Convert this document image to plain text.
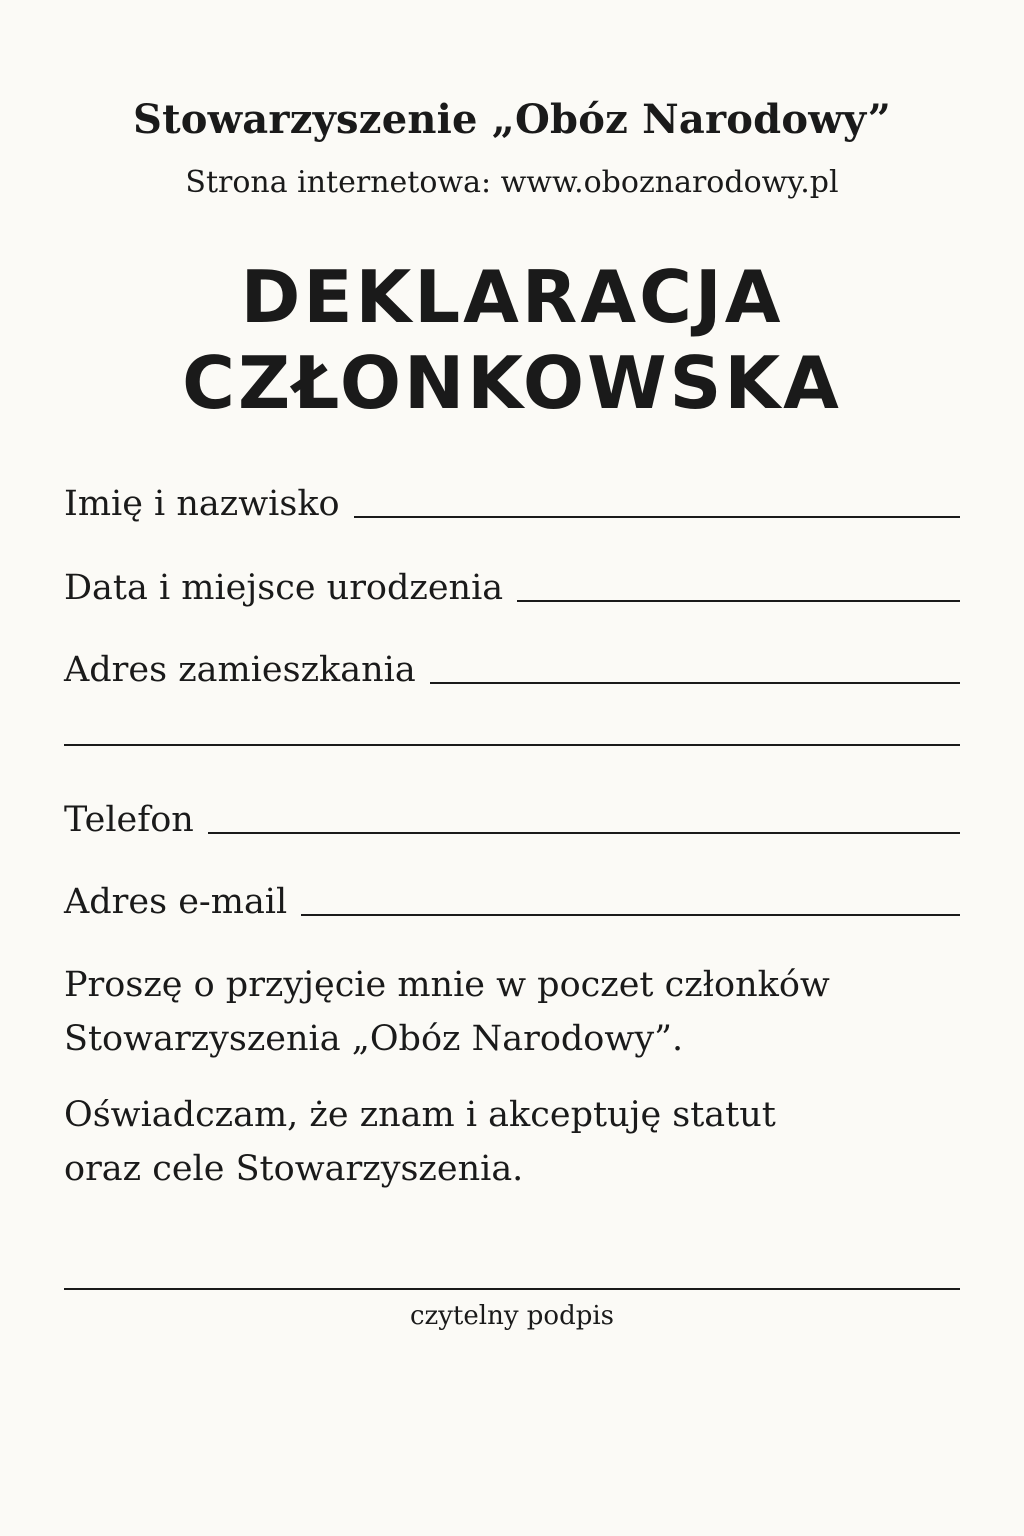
Stowarzyszenie „Obóz Narodowy”
Strona internetowa: www.oboznarodowy.pl
DEKLARACJA
CZŁONKOWSKA
Imię i nazwisko
Data i miejsce urodzenia
Adres zamieszkania
Telefon
Adres e-mail
Proszę o przyjęcie mnie w poczet członków
Stowarzyszenia „Obóz Narodowy”.
Oświadczam, że znam i akceptuję statut
oraz cele Stowarzyszenia.
czytelny podpis
